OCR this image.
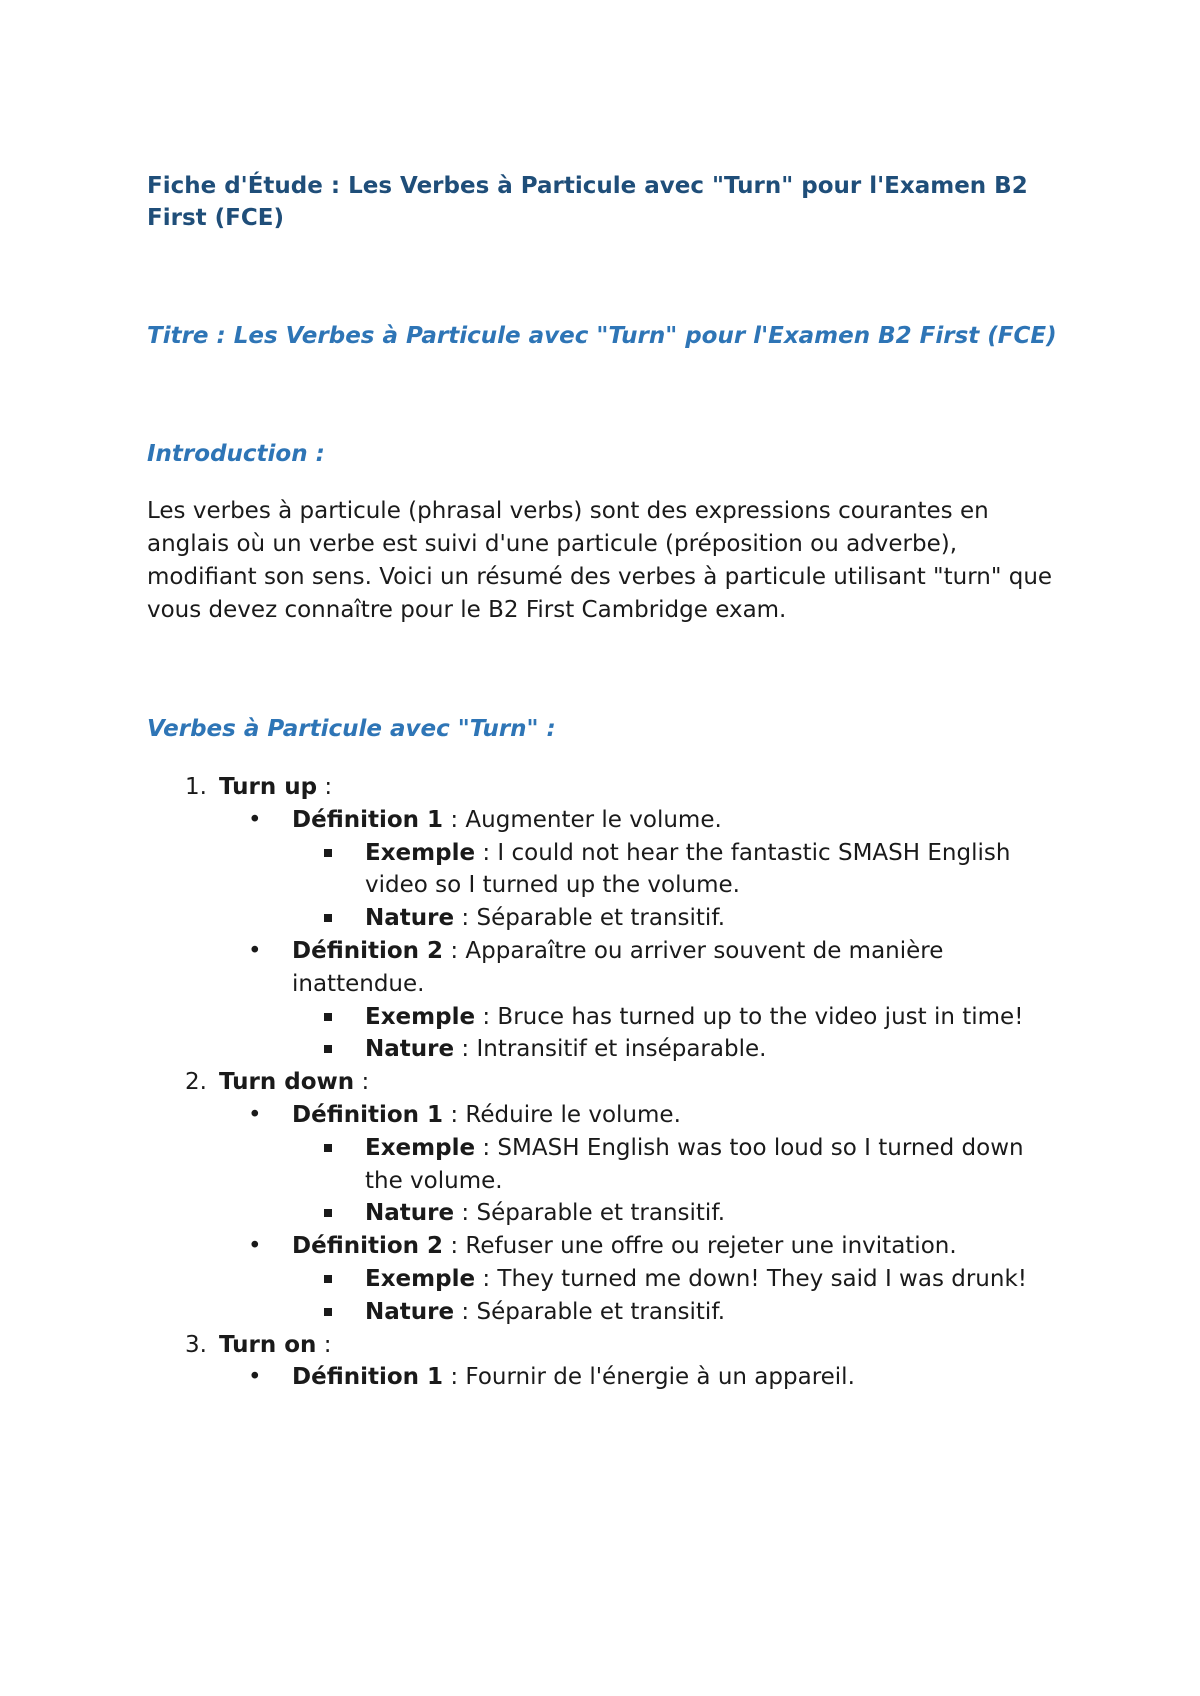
Fiche d'Étude : Les Verbes à Particule avec "Turn" pour l'Examen B2 First (FCE)

Titre : Les Verbes à Particule avec "Turn" pour l'Examen B2 First (FCE)

Introduction :

Les verbes à particule (phrasal verbs) sont des expressions courantes en anglais où un verbe est suivi d'une particule (préposition ou adverbe), modifiant son sens. Voici un résumé des verbes à particule utilisant "turn" que vous devez connaître pour le B2 First Cambridge exam.

Verbes à Particule avec "Turn" :

1. Turn up :
• Définition 1 : Augmenter le volume.
Exemple : I could not hear the fantastic SMASH English video so I turned up the volume.
Nature : Séparable et transitif.
• Définition 2 : Apparaître ou arriver souvent de manière inattendue.
Exemple : Bruce has turned up to the video just in time!
Nature : Intransitif et inséparable.
2. Turn down :
• Définition 1 : Réduire le volume.
Exemple : SMASH English was too loud so I turned down the volume.
Nature : Séparable et transitif.
• Définition 2 : Refuser une offre ou rejeter une invitation.
Exemple : They turned me down! They said I was drunk!
Nature : Séparable et transitif.
3. Turn on :
• Définition 1 : Fournir de l'énergie à un appareil.
